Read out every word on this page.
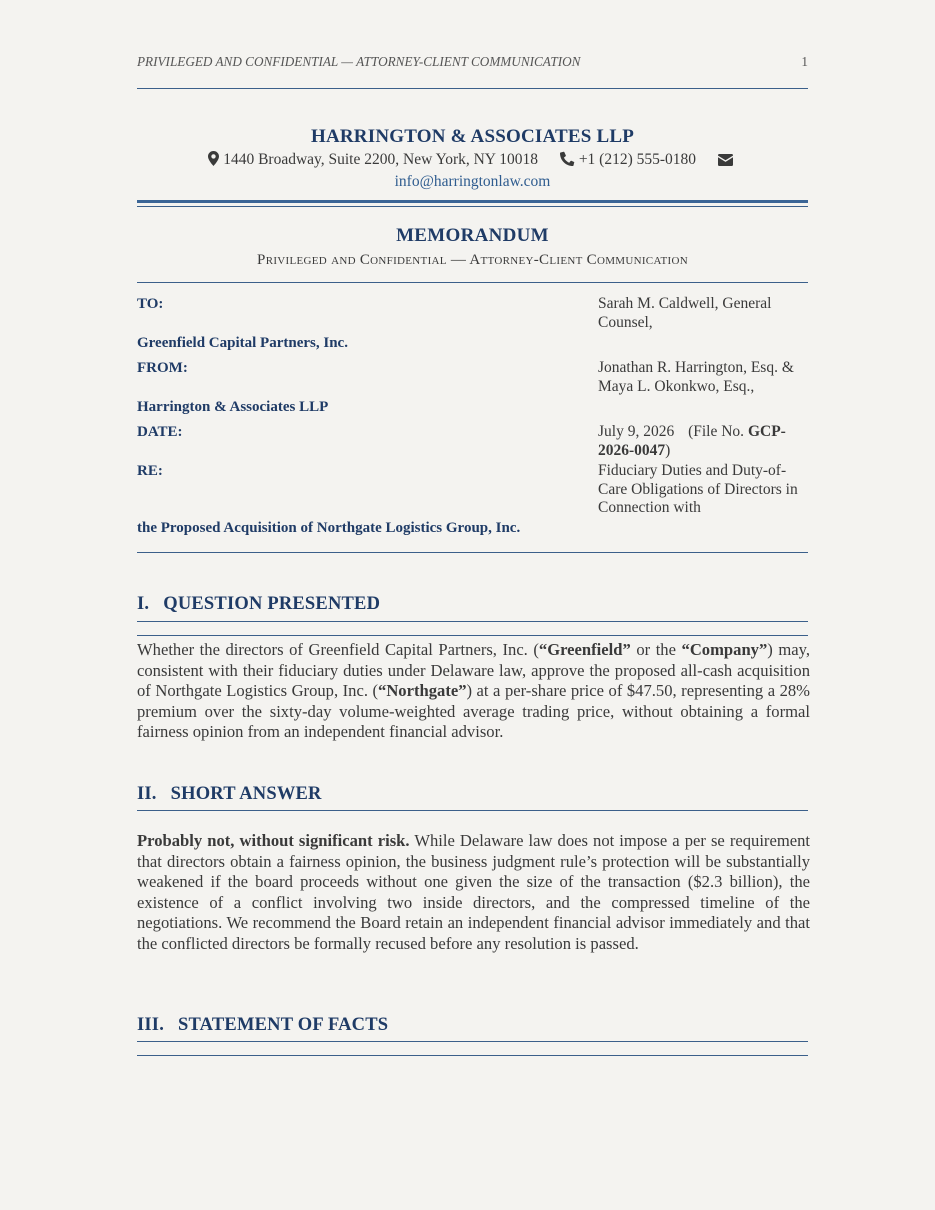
PRIVILEGED AND CONFIDENTIAL — ATTORNEY-CLIENT COMMUNICATION	1
HARRINGTON & ASSOCIATES LLP
1440 Broadway, Suite 2200, New York, NY 10018	+1 (212) 555-0180
info@harringtonlaw.com
MEMORANDUM
Privileged and Confidential — Attorney-Client Communication
TO:	Sarah M. Caldwell, General Counsel,
Greenfield Capital Partners, Inc.
FROM:	Jonathan R. Harrington, Esq. & Maya L. Okonkwo, Esq.,
Harrington & Associates LLP
DATE:	July 9, 2026 (File No. GCP-2026-0047)
RE:	Fiduciary Duties and Duty-of-Care Obligations of Directors in Connection with
the Proposed Acquisition of Northgate Logistics Group, Inc.
I. QUESTION PRESENTED
Whether the directors of Greenfield Capital Partners, Inc. (“Greenfield” or the “Company”) may, consistent with their fiduciary duties under Delaware law, approve the proposed all-cash acquisition of Northgate Logistics Group, Inc. (“Northgate”) at a per-share price of $47.50, representing a 28% premium over the sixty-day volume-weighted average trading price, without obtaining a formal fairness opinion from an independent financial advisor.
II. SHORT ANSWER
Probably not, without significant risk. While Delaware law does not impose a per se requirement that directors obtain a fairness opinion, the business judgment rule’s protection will be substantially weakened if the board proceeds without one given the size of the transaction ($2.3 billion), the existence of a conflict involving two inside directors, and the compressed timeline of the negotiations. We recommend the Board retain an independent financial advisor immediately and that the conflicted directors be formally recused before any resolution is passed.
III. STATEMENT OF FACTS
